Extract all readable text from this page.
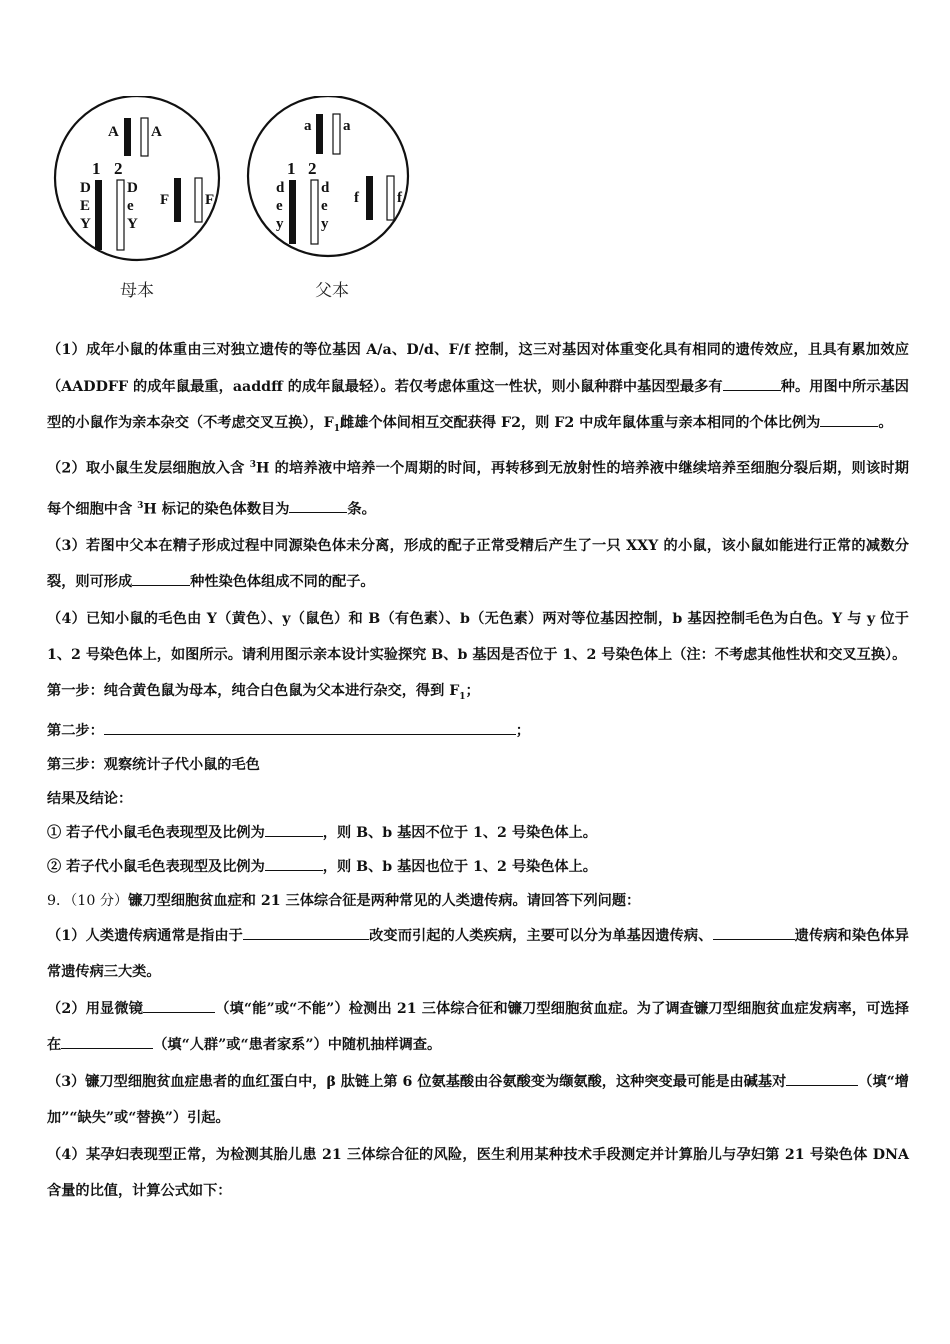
A A
1 2
D
E
Y
D
e
Y
F F
母本
a a
1 2
d
e
y
d
e
y
f	f
父本

（1）成年小鼠的体重由三对独立遗传的等位基因 A/a、D/d、F/f 控制，这三对基因对体重变化具有相同的遗传效应，且具有累加效应（AADDFF 的成年鼠最重，aaddff 的成年鼠最轻）。若仅考虑体重这一性状，则小鼠种群中基因型最多有	种。用图中所示基因型的小鼠作为亲本杂交（不考虑交叉互换），$F_1$雌雄个体间相互交配获得 F2，则 F2 中成年鼠体重与亲本相同的个体比例为	。

（2）取小鼠生发层细胞放入含 $^3$H 的培养液中培养一个周期的时间，再转移到无放射性的培养液中继续培养至细胞分裂后期，则该时期每个细胞中含 $^3$H 标记的染色体数目为	条。

（3）若图中父本在精子形成过程中同源染色体未分离，形成的配子正常受精后产生了一只 XXY 的小鼠，该小鼠如能进行正常的减数分裂，则可形成	种性染色体组成不同的配子。

（4）已知小鼠的毛色由 Y（黄色）、y（鼠色）和 B（有色素）、b（无色素）两对等位基因控制，b 基因控制毛色为白色。Y 与 y 位于 1、2 号染色体上，如图所示。请利用图示亲本设计实验探究 B、b 基因是否位于 1、2 号染色体上（注：不考虑其他性状和交叉互换）。

第一步：纯合黄色鼠为母本，纯合白色鼠为父本进行杂交，得到 $F_1$；

第二步：	；

第三步：观察统计子代小鼠的毛色

结果及结论：

① 若子代小鼠毛色表现型及比例为	，则 B、b 基因不位于 1、2 号染色体上。

② 若子代小鼠毛色表现型及比例为	，则 B、b 基因也位于 1、2 号染色体上。

9．（10 分）镰刀型细胞贫血症和 21 三体综合征是两种常见的人类遗传病。请回答下列问题：

（1）人类遗传病通常是指由于	改变而引起的人类疾病，主要可以分为单基因遗传病、	遗传病和染色体异常遗传病三大类。

（2）用显微镜	（填“能”或“不能”）检测出 21 三体综合征和镰刀型细胞贫血症。为了调查镰刀型细胞贫血症发病率，可选择在	（填“人群”或“患者家系”）中随机抽样调查。

（3）镰刀型细胞贫血症患者的血红蛋白中，β 肽链上第 6 位氨基酸由谷氨酸变为缬氨酸，这种突变最可能是由碱基对	（填“增加”“缺失”或“替换”）引起。

（4）某孕妇表现型正常，为检测其胎儿患 21 三体综合征的风险，医生利用某种技术手段测定并计算胎儿与孕妇第 21 号染色体 DNA 含量的比值，计算公式如下：
